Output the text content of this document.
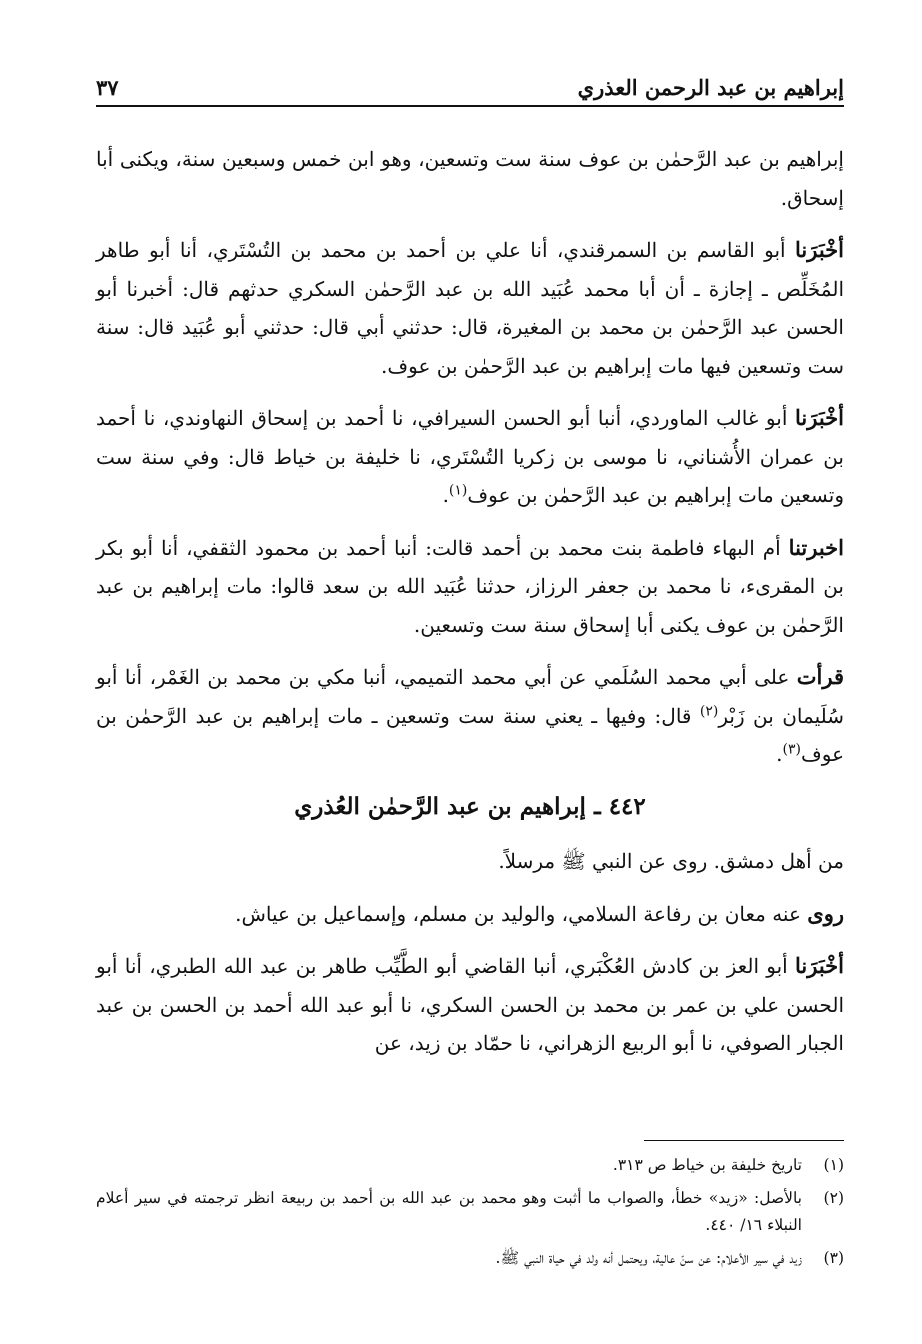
إبراهيم بن عبد الرحمن العذري
٣٧

إبراهيم بن عبد الرَّحمٰن بن عوف سنة ست وتسعين، وهو ابن خمس وسبعين سنة، ويكنى أبا إسحاق.

أخْبَرَنا أبو القاسم بن السمرقندي، أنا علي بن أحمد بن محمد بن التُسْتَري، أنا أبو طاهر المُخَلِّص ـ إجازة ـ أن أبا محمد عُبَيد الله بن عبد الرَّحمٰن السكري حدثهم قال: أخبرنا أبو الحسن عبد الرَّحمٰن بن محمد بن المغيرة، قال: حدثني أبي قال: حدثني أبو عُبَيد قال: سنة ست وتسعين فيها مات إبراهيم بن عبد الرَّحمٰن بن عوف.

أخْبَرَنا أبو غالب الماوردي، أنبا أبو الحسن السيرافي، نا أحمد بن إسحاق النهاوندي، نا أحمد بن عمران الأُشناني، نا موسى بن زكريا التُسْتَري، نا خليفة بن خياط قال: وفي سنة ست وتسعين مات إبراهيم بن عبد الرَّحمٰن بن عوف$^{(١)}$.

اخبرتنا أم البهاء فاطمة بنت محمد بن أحمد قالت: أنبا أحمد بن محمود الثقفي، أنا أبو بكر بن المقرىء، نا محمد بن جعفر الرزاز، حدثنا عُبَيد الله بن سعد قالوا: مات إبراهيم بن عبد الرَّحمٰن بن عوف يكنى أبا إسحاق سنة ست وتسعين.

قرأت على أبي محمد السُلَمي عن أبي محمد التميمي، أنبا مكي بن محمد بن الغَمْر، أنا أبو سُلَيمان بن زَبْر$^{(٢)}$ قال: وفيها ـ يعني سنة ست وتسعين ـ مات إبراهيم بن عبد الرَّحمٰن بن عوف$^{(٣)}$.

٤٤٢ ـ إبراهيم بن عبد الرَّحمٰن العُذري

من أهل دمشق. روى عن النبي ﷺ مرسلاً.

روى عنه معان بن رفاعة السلامي، والوليد بن مسلم، وإسماعيل بن عياش.

أخْبَرَنا أبو العز بن كادش العُكْبَري، أنبا القاضي أبو الطَّيِّب طاهر بن عبد الله الطبري، أنا أبو الحسن علي بن عمر بن محمد بن الحسن السكري، نا أبو عبد الله أحمد بن الحسن بن عبد الجبار الصوفي، نا أبو الربيع الزهراني، نا حمّاد بن زيد، عن

(١)
تاريخ خليفة بن خياط ص ٣١٣.
(٢)
بالأصل: «زيد» خطأ، والصواب ما أثبت وهو محمد بن عبد الله بن أحمد بن ربيعة انظر ترجمته في سير أعلام النبلاء ١٦/ ٤٤٠.
(٣)
زيد في سير الأعلام: عن سنّ عالية، ويحتمل أنه ولد في حياة النبي ﷺ.
